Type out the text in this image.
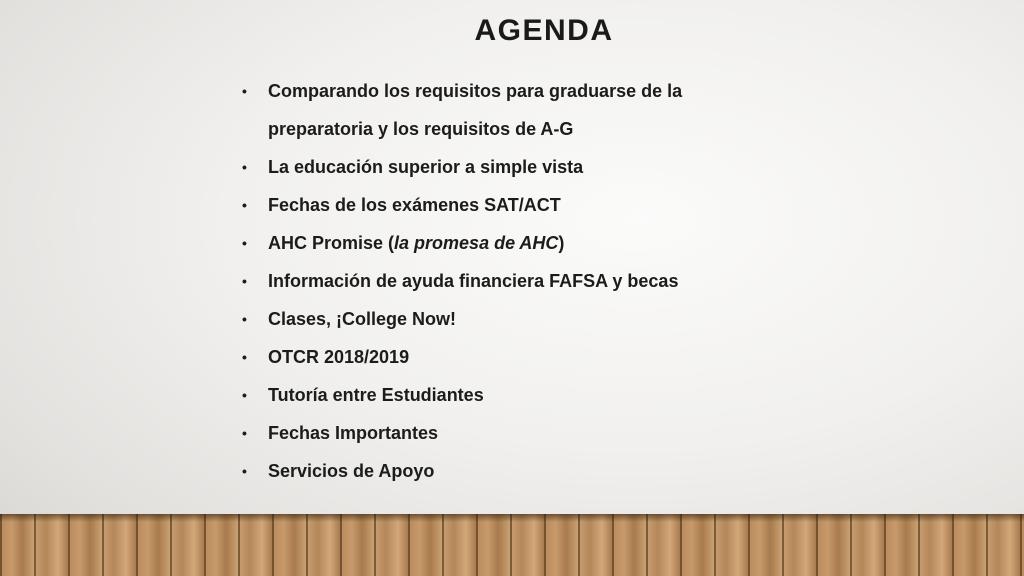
AGENDA
• Comparando los requisitos para graduarse de la preparatoria y los requisitos de A-G
• La educación superior a simple vista
• Fechas de los exámenes SAT/ACT
• AHC Promise (la promesa de AHC)
• Información de ayuda financiera FAFSA y becas
• Clases, ¡College Now!
• OTCR 2018/2019
• Tutoría entre Estudiantes
• Fechas Importantes
• Servicios de Apoyo
